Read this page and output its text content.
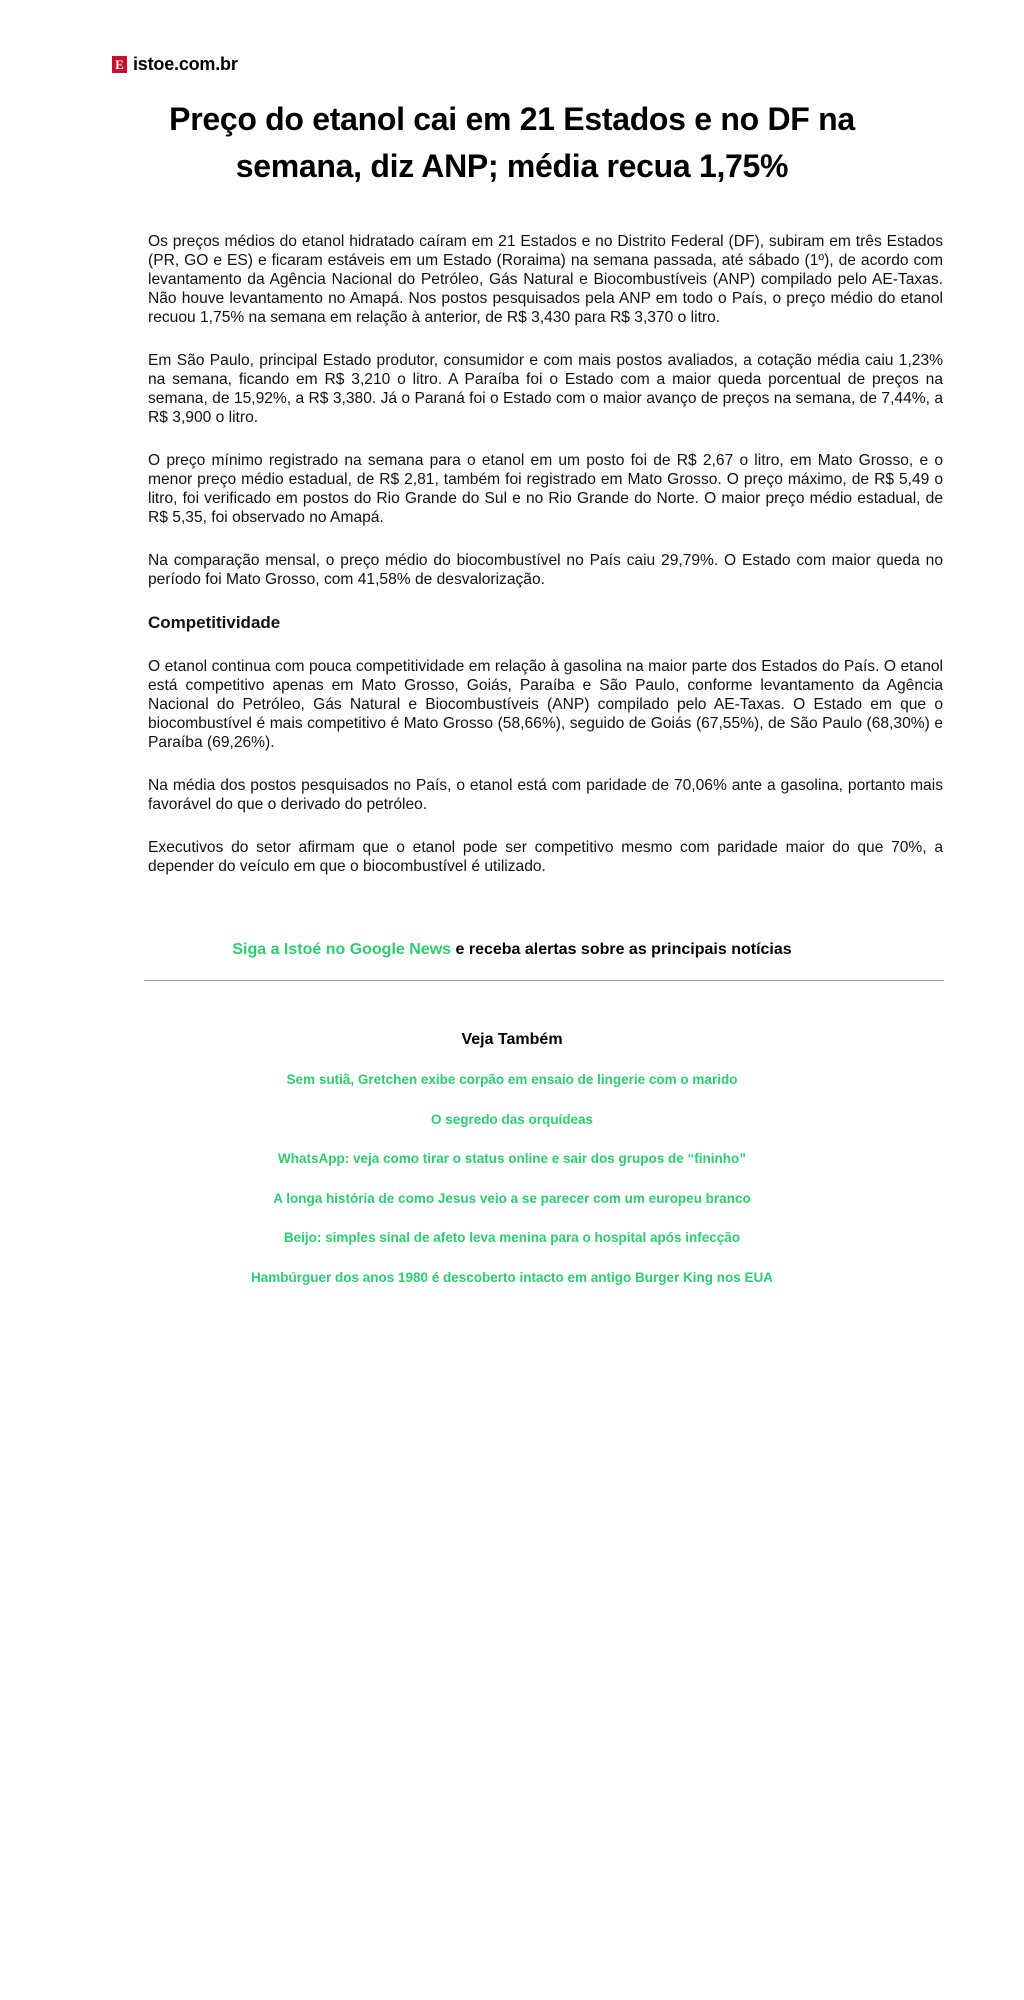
E istoe.com.br
Preço do etanol cai em 21 Estados e no DF na semana, diz ANP; média recua 1,75%

Os preços médios do etanol hidratado caíram em 21 Estados e no Distrito Federal (DF), subiram em três Estados (PR, GO e ES) e ficaram estáveis em um Estado (Roraima) na semana passada, até sábado (1º), de acordo com levantamento da Agência Nacional do Petróleo, Gás Natural e Biocombustíveis (ANP) compilado pelo AE-Taxas. Não houve levantamento no Amapá. Nos postos pesquisados pela ANP em todo o País, o preço médio do etanol recuou 1,75% na semana em relação à anterior, de R$ 3,430 para R$ 3,370 o litro.

Em São Paulo, principal Estado produtor, consumidor e com mais postos avaliados, a cotação média caiu 1,23% na semana, ficando em R$ 3,210 o litro. A Paraíba foi o Estado com a maior queda porcentual de preços na semana, de 15,92%, a R$ 3,380. Já o Paraná foi o Estado com o maior avanço de preços na semana, de 7,44%, a R$ 3,900 o litro.

O preço mínimo registrado na semana para o etanol em um posto foi de R$ 2,67 o litro, em Mato Grosso, e o menor preço médio estadual, de R$ 2,81, também foi registrado em Mato Grosso. O preço máximo, de R$ 5,49 o litro, foi verificado em postos do Rio Grande do Sul e no Rio Grande do Norte. O maior preço médio estadual, de R$ 5,35, foi observado no Amapá.

Na comparação mensal, o preço médio do biocombustível no País caiu 29,79%. O Estado com maior queda no período foi Mato Grosso, com 41,58% de desvalorização.

Competitividade

O etanol continua com pouca competitividade em relação à gasolina na maior parte dos Estados do País. O etanol está competitivo apenas em Mato Grosso, Goiás, Paraíba e São Paulo, conforme levantamento da Agência Nacional do Petróleo, Gás Natural e Biocombustíveis (ANP) compilado pelo AE-Taxas. O Estado em que o biocombustível é mais competitivo é Mato Grosso (58,66%), seguido de Goiás (67,55%), de São Paulo (68,30%) e Paraíba (69,26%).

Na média dos postos pesquisados no País, o etanol está com paridade de 70,06% ante a gasolina, portanto mais favorável do que o derivado do petróleo.

Executivos do setor afirmam que o etanol pode ser competitivo mesmo com paridade maior do que 70%, a depender do veículo em que o biocombustível é utilizado.

Siga a Istoé no Google News e receba alertas sobre as principais notícias
Veja Também
Sem sutiã, Gretchen exibe corpão em ensaio de lingerie com o marido
O segredo das orquídeas
WhatsApp: veja como tirar o status online e sair dos grupos de “fininho”
A longa história de como Jesus veio a se parecer com um europeu branco
Beijo: simples sinal de afeto leva menina para o hospital após infecção
Hambúrguer dos anos 1980 é descoberto intacto em antigo Burger King nos EUA
